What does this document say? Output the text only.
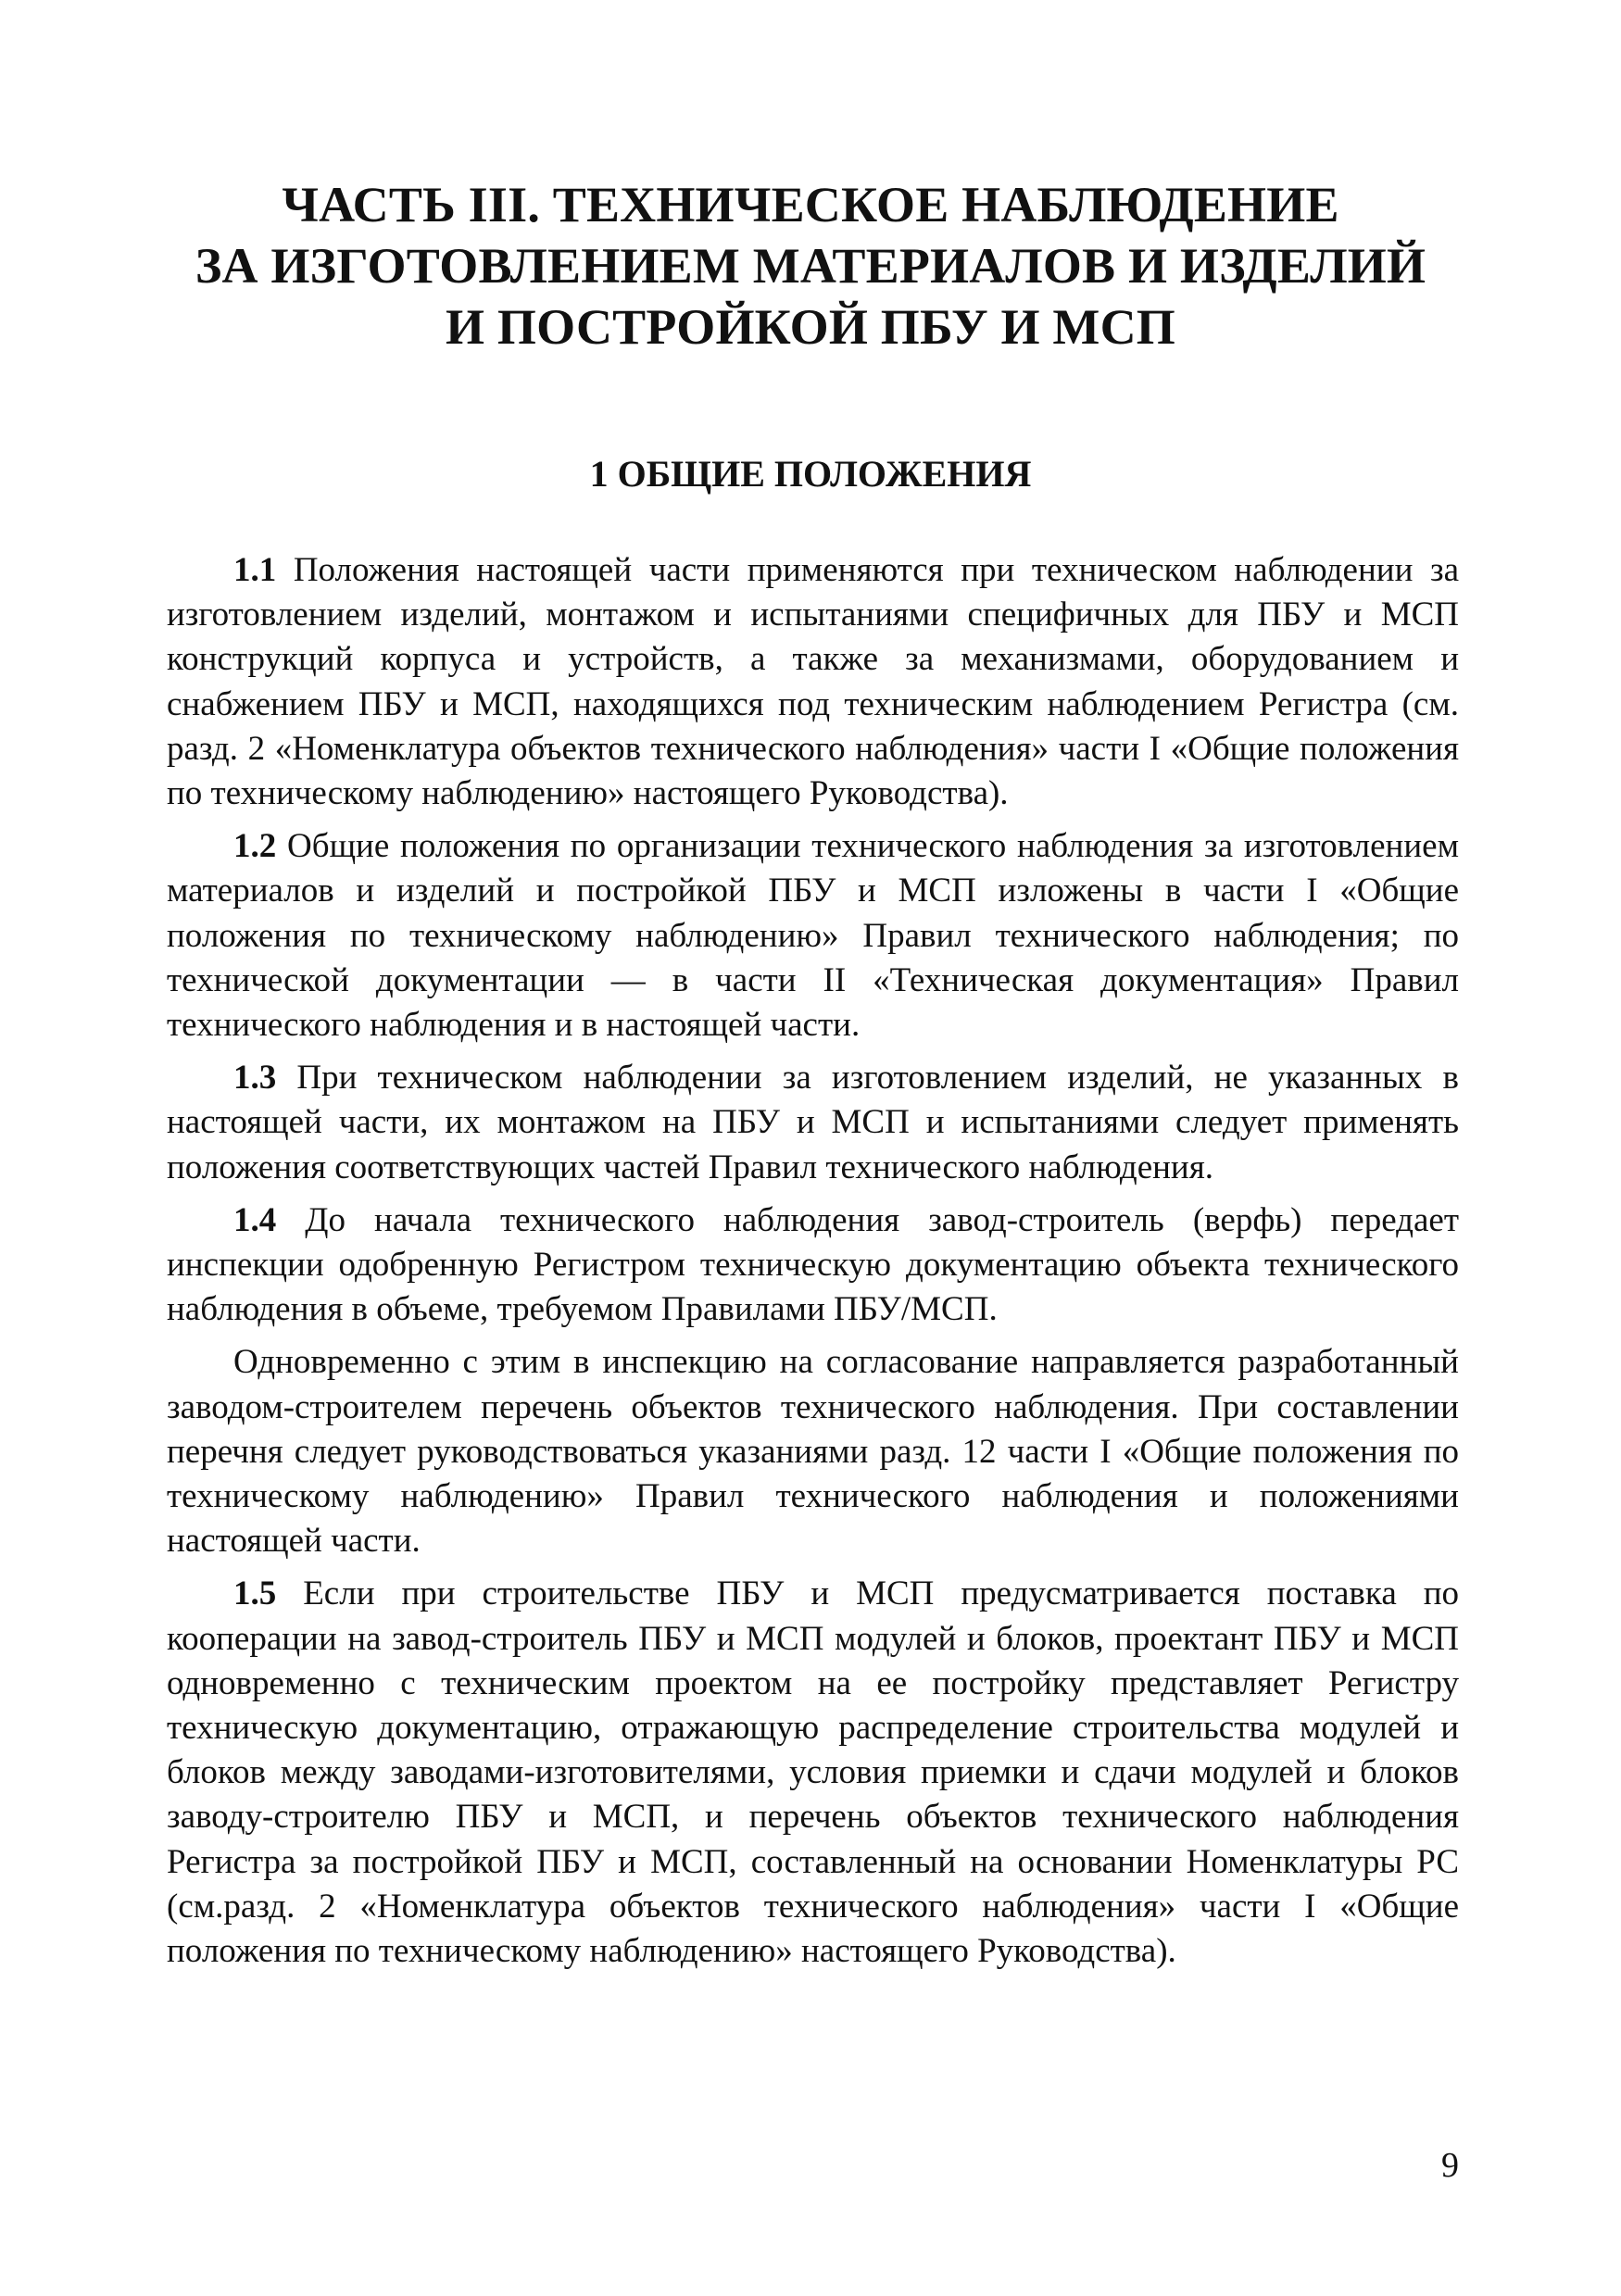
ЧАСТЬ III. ТЕХНИЧЕСКОЕ НАБЛЮДЕНИЕ
ЗА ИЗГОТОВЛЕНИЕМ МАТЕРИАЛОВ И ИЗДЕЛИЙ
И ПОСТРОЙКОЙ ПБУ И МСП
1 ОБЩИЕ ПОЛОЖЕНИЯ

1.1 Положения настоящей части применяются при техническом наблюдении за изготовлением изделий, монтажом и испытаниями специфичных для ПБУ и МСП конструкций корпуса и устройств, а также за механизмами, оборудованием и снабжением ПБУ и МСП, находящихся под техническим наблюдением Регистра (см. разд. 2 «Номенклатура объектов технического наблюдения» части I «Общие положения по техническому наблюдению» настоящего Руководства).

1.2 Общие положения по организации технического наблюдения за изготовлением материалов и изделий и постройкой ПБУ и МСП изложены в части I «Общие положения по техническому наблюдению» Правил технического наблюдения; по технической документации — в части II «Техническая документация» Правил технического наблюдения и в настоящей части.

1.3 При техническом наблюдении за изготовлением изделий, не указанных в настоящей части, их монтажом на ПБУ и МСП и испытаниями следует применять положения соответствующих частей Правил технического наблюдения.

1.4 До начала технического наблюдения завод-строитель (верфь) передает инспекции одобренную Регистром техническую документацию объекта технического наблюдения в объеме, требуемом Правилами ПБУ/МСП.

Одновременно с этим в инспекцию на согласование направляется разработанный заводом-строителем перечень объектов технического наблюдения. При составлении перечня следует руководствоваться указаниями разд. 12 части I «Общие положения по техническому наблюдению» Правил технического наблюдения и положениями настоящей части.

1.5 Если при строительстве ПБУ и МСП предусматривается поставка по кооперации на завод-строитель ПБУ и МСП модулей и блоков, проектант ПБУ и МСП одновременно с техническим проектом на ее постройку представляет Регистру техническую документацию, отражающую распределение строительства модулей и блоков между заводами-изготовителями, условия приемки и сдачи модулей и блоков заводу-строителю ПБУ и МСП, и перечень объектов технического наблюдения Регистра за постройкой ПБУ и МСП, составленный на основании Номенклатуры РС (см.разд. 2 «Номенклатура объектов технического наблюдения» части I «Общие положения по техническому наблюдению» настоящего Руководства).

9
